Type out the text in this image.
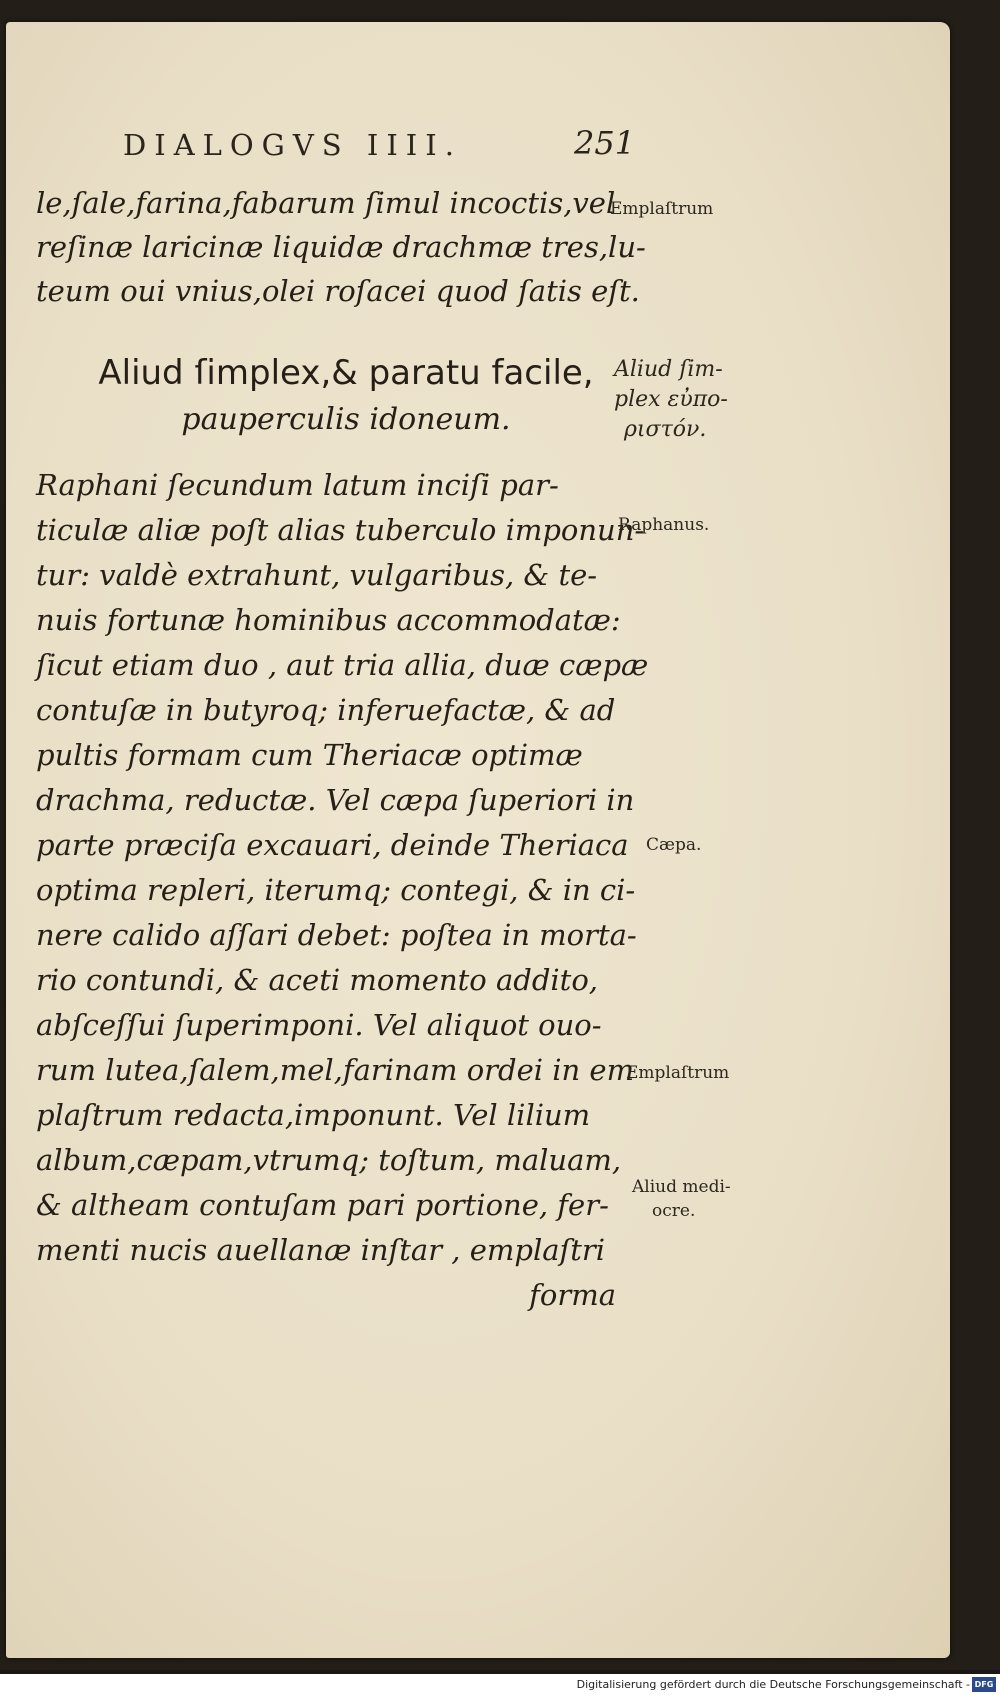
DIALOGVS IIII.	251
le,ſale,farina,fabarum ſimul incoctis,vel
reſinæ laricinæ liquidæ drachmæ tres,lu-
teum oui vnius,olei roſacei quod ſatis eſt.
Aliud ſimplex,& paratu facile,
pauperculis idoneum.
Raphani ſecundum latum inciſi par-
ticulæ aliæ poſt alias tuberculo imponun-
tur: valdè extrahunt, vulgaribus, & te-
nuis fortunæ hominibus accommodatæ:
ſicut etiam duo , aut tria allia, duæ cæpæ
contuſæ in butyroq; inferuefactæ, & ad
pultis formam cum Theriacæ optimæ
drachma, reductæ. Vel cæpa ſuperiori in
parte præciſa excauari, deinde Theriaca
optima repleri, iterumq; contegi, & in ci-
nere calido aſſari debet: poſtea in morta-
rio contundi, & aceti momento addito,
abſceſſui ſuperimponi. Vel aliquot ouo-
rum lutea,ſalem,mel,farinam ordei in em
plaſtrum redacta,imponunt. Vel lilium
album,cæpam,vtrumq; toſtum, maluam,
& altheam contuſam pari portione, fer-
menti nucis auellanæ inſtar , emplaſtri
forma
Emplaſtrum
Aliud ſim-
plex εὐπο-
ριστόν.
Raphanus.
Cæpa.
Emplaſtrum
Aliud medi-
ocre.
Digitalisierung gefördert durch die Deutsche Forschungsgemeinschaft - DFG
